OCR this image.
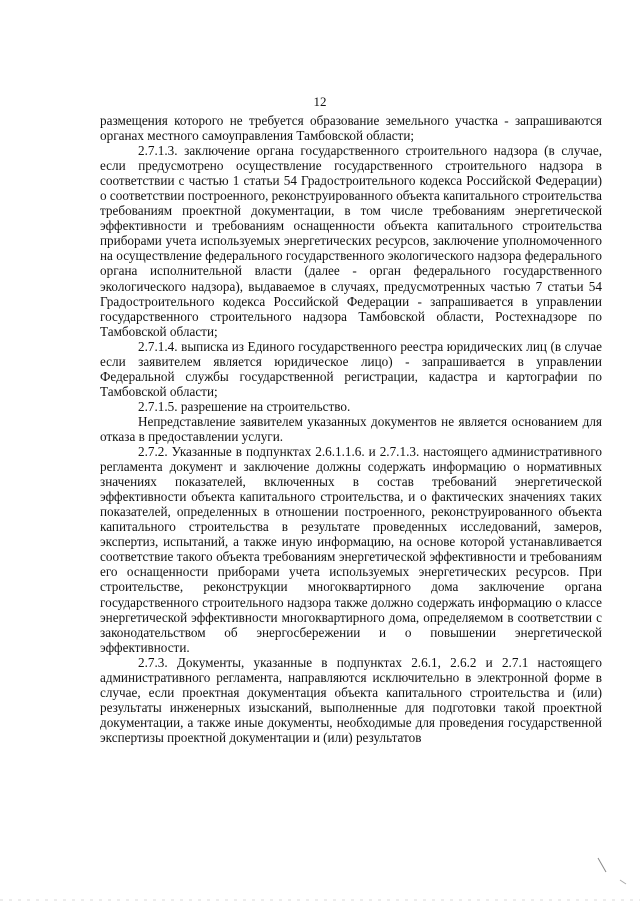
12

размещения которого не требуется образование земельного участка - запрашиваются органах местного самоуправления Тамбовской области;

2.7.1.3. заключение органа государственного строительного надзора (в случае, если предусмотрено осуществление государственного строительного надзора в соответствии с частью 1 статьи 54 Градостроительного кодекса Российской Федерации) о соответствии построенного, реконструированного объекта капитального строительства требованиям проектной документации, в том числе требованиям энергетической эффективности и требованиям оснащенности объекта капитального строительства приборами учета используемых энергетических ресурсов, заключение уполномоченного на осуществление федерального государственного экологического надзора федерального органа исполнительной власти (далее - орган федерального государственного экологического надзора), выдаваемое в случаях, предусмотренных частью 7 статьи 54 Градостроительного кодекса Российской Федерации - запрашивается в управлении государственного строительного надзора Тамбовской области, Ростехнадзоре по Тамбовской области;

2.7.1.4. выписка из Единого государственного реестра юридических лиц (в случае если заявителем является юридическое лицо) - запрашивается в управлении Федеральной службы государственной регистрации, кадастра и картографии по Тамбовской области;

2.7.1.5. разрешение на строительство.

Непредставление заявителем указанных документов не является основанием для отказа в предоставлении услуги.

2.7.2. Указанные в подпунктах 2.6.1.1.6. и 2.7.1.3. настоящего административного регламента документ и заключение должны содержать информацию о нормативных значениях показателей, включенных в состав требований энергетической эффективности объекта капитального строительства, и о фактических значениях таких показателей, определенных в отношении построенного, реконструированного объекта капитального строительства в результате проведенных исследований, замеров, экспертиз, испытаний, а также иную информацию, на основе которой устанавливается соответствие такого объекта требованиям энергетической эффективности и требованиям его оснащенности приборами учета используемых энергетических ресурсов. При строительстве, реконструкции многоквартирного дома заключение органа государственного строительного надзора также должно содержать информацию о классе энергетической эффективности многоквартирного дома, определяемом в соответствии с законодательством об энергосбережении и о повышении энергетической эффективности.

2.7.3. Документы, указанные в подпунктах 2.6.1, 2.6.2 и 2.7.1 настоящего административного регламента, направляются исключительно в электронной форме в случае, если проектная документация объекта капитального строительства и (или) результаты инженерных изысканий, выполненные для подготовки такой проектной документации, а также иные документы, необходимые для проведения государственной экспертизы проектной документации и (или) результатов
